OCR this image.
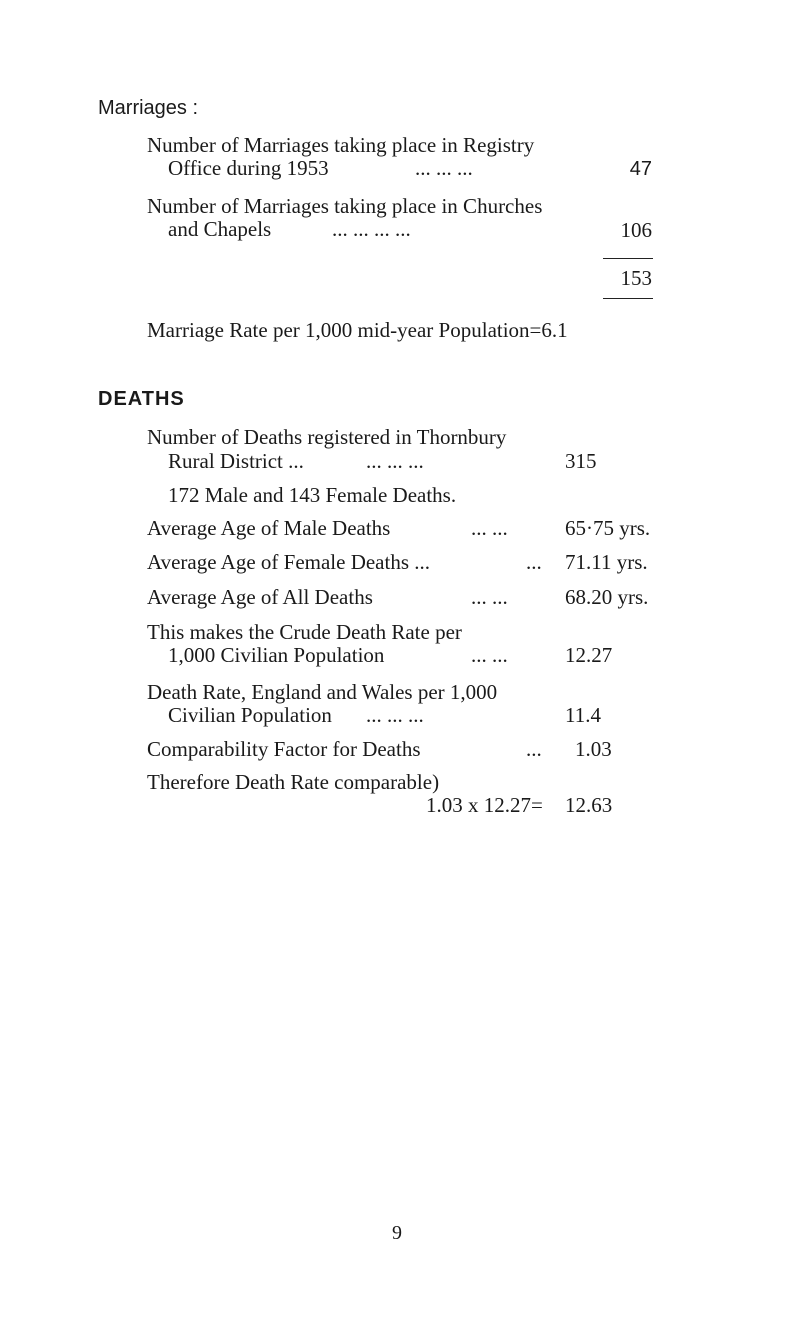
Marriages :
Number of Marriages taking place in Registry
Office during 1953	... ... ...	47
Number of Marriages taking place in Churches
and Chapels	... ... ... ...	106
153
Marriage Rate per 1,000 mid-year Population=6.1
DEATHS
Number of Deaths registered in Thornbury
Rural District ...	... ... ...	315
172 Male and 143 Female Deaths.
Average Age of Male Deaths	... ...	65·75 yrs.
Average Age of Female Deaths ...	... 71.11 yrs.
Average Age of All Deaths	... ...	68.20 yrs.
This makes the Crude Death Rate per
1,000 Civilian Population	... ...	12.27
Death Rate, England and Wales per 1,000
Civilian Population ... ... ...	11.4
Comparability Factor for Deaths	... 1.03
Therefore Death Rate comparable)
1.03 x 12.27= 12.63
9
